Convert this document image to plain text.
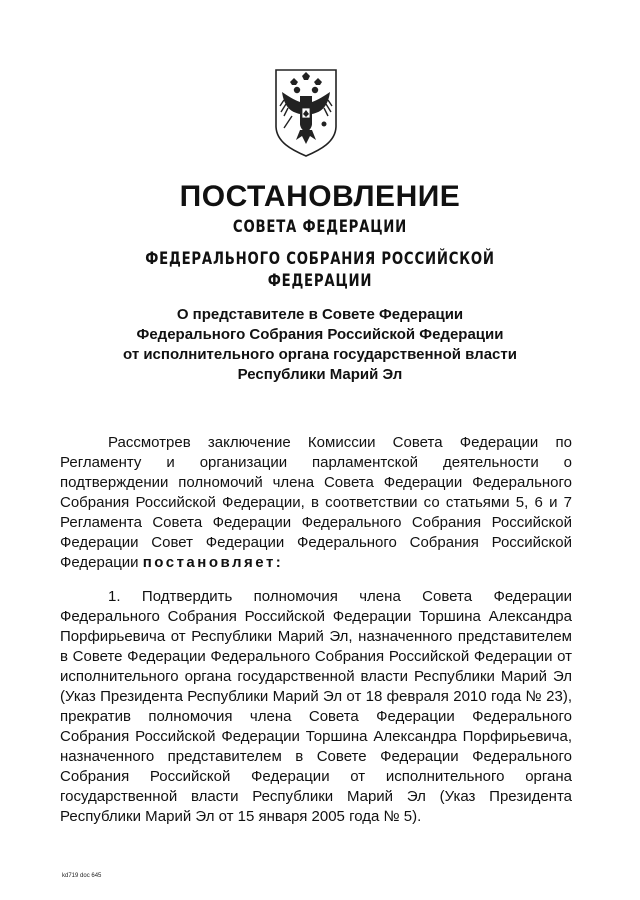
ПОСТАНОВЛЕНИЕ
СОВЕТА ФЕДЕРАЦИИ
ФЕДЕРАЛЬНОГО СОБРАНИЯ РОССИЙСКОЙ ФЕДЕРАЦИИ
О представителе в Совете Федерации
Федерального Собрания Российской Федерации
от исполнительного органа государственной власти
Республики Марий Эл
Рассмотрев заключение Комиссии Совета Федерации по Регламенту и организации парламентской деятельности о подтверждении полномочий члена Совета Федерации Федерального Собрания Российской Федерации, в соответствии со статьями 5, 6 и 7 Регламента Совета Федерации Федерального Собрания Российской Федерации Совет Федерации Федерального Собрания Российской Федерации постановляет:
1. Подтвердить полномочия члена Совета Федерации Федерального Собрания Российской Федерации Торшина Александра Порфирьевича от Республики Марий Эл, назначенного представителем в Совете Федерации Федерального Собрания Российской Федерации от исполнительного органа государственной власти Республики Марий Эл (Указ Президента Республики Марий Эл от 18 февраля 2010 года № 23), прекратив полномочия члена Совета Федерации Федерального Собрания Российской Федерации Торшина Александра Порфирьевича, назначенного представителем в Совете Федерации Федерального Собрания Российской Федерации от исполнительного органа государственной власти Республики Марий Эл (Указ Президента Республики Марий Эл от 15 января 2005 года № 5).
kd719 doc 645
